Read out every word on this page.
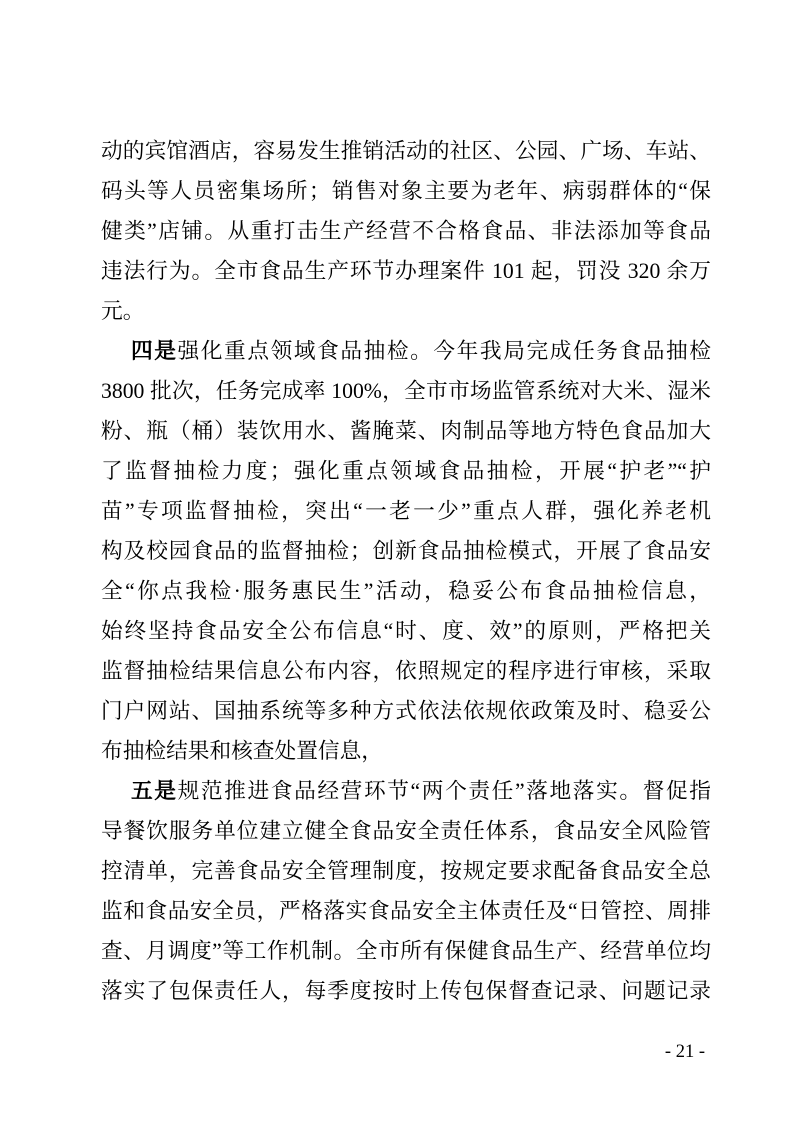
动的宾馆酒店，容易发生推销活动的社区、公园、广场、车站、
码头等人员密集场所；销售对象主要为老年、病弱群体的“保
健类”店铺。从重打击生产经营不合格食品、非法添加等食品
违法行为。全市食品生产环节办理案件 101 起，罚没 320 余万
元。
四是强化重点领域食品抽检。今年我局完成任务食品抽检
3800 批次，任务完成率 100%，全市市场监管系统对大米、湿米
粉、瓶（桶）装饮用水、酱腌菜、肉制品等地方特色食品加大
了监督抽检力度；强化重点领域食品抽检，开展“护老”“护
苗”专项监督抽检，突出“一老一少”重点人群，强化养老机
构及校园食品的监督抽检；创新食品抽检模式，开展了食品安
全“你点我检·服务惠民生”活动，稳妥公布食品抽检信息，
始终坚持食品安全公布信息“时、度、效”的原则，严格把关
监督抽检结果信息公布内容，依照规定的程序进行审核，采取
门户网站、国抽系统等多种方式依法依规依政策及时、稳妥公
布抽检结果和核查处置信息，
五是规范推进食品经营环节“两个责任”落地落实。督促指
导餐饮服务单位建立健全食品安全责任体系，食品安全风险管
控清单，完善食品安全管理制度，按规定要求配备食品安全总
监和食品安全员，严格落实食品安全主体责任及“日管控、周排
查、月调度”等工作机制。全市所有保健食品生产、经营单位均
落实了包保责任人，每季度按时上传包保督查记录、问题记录
- 21 -
